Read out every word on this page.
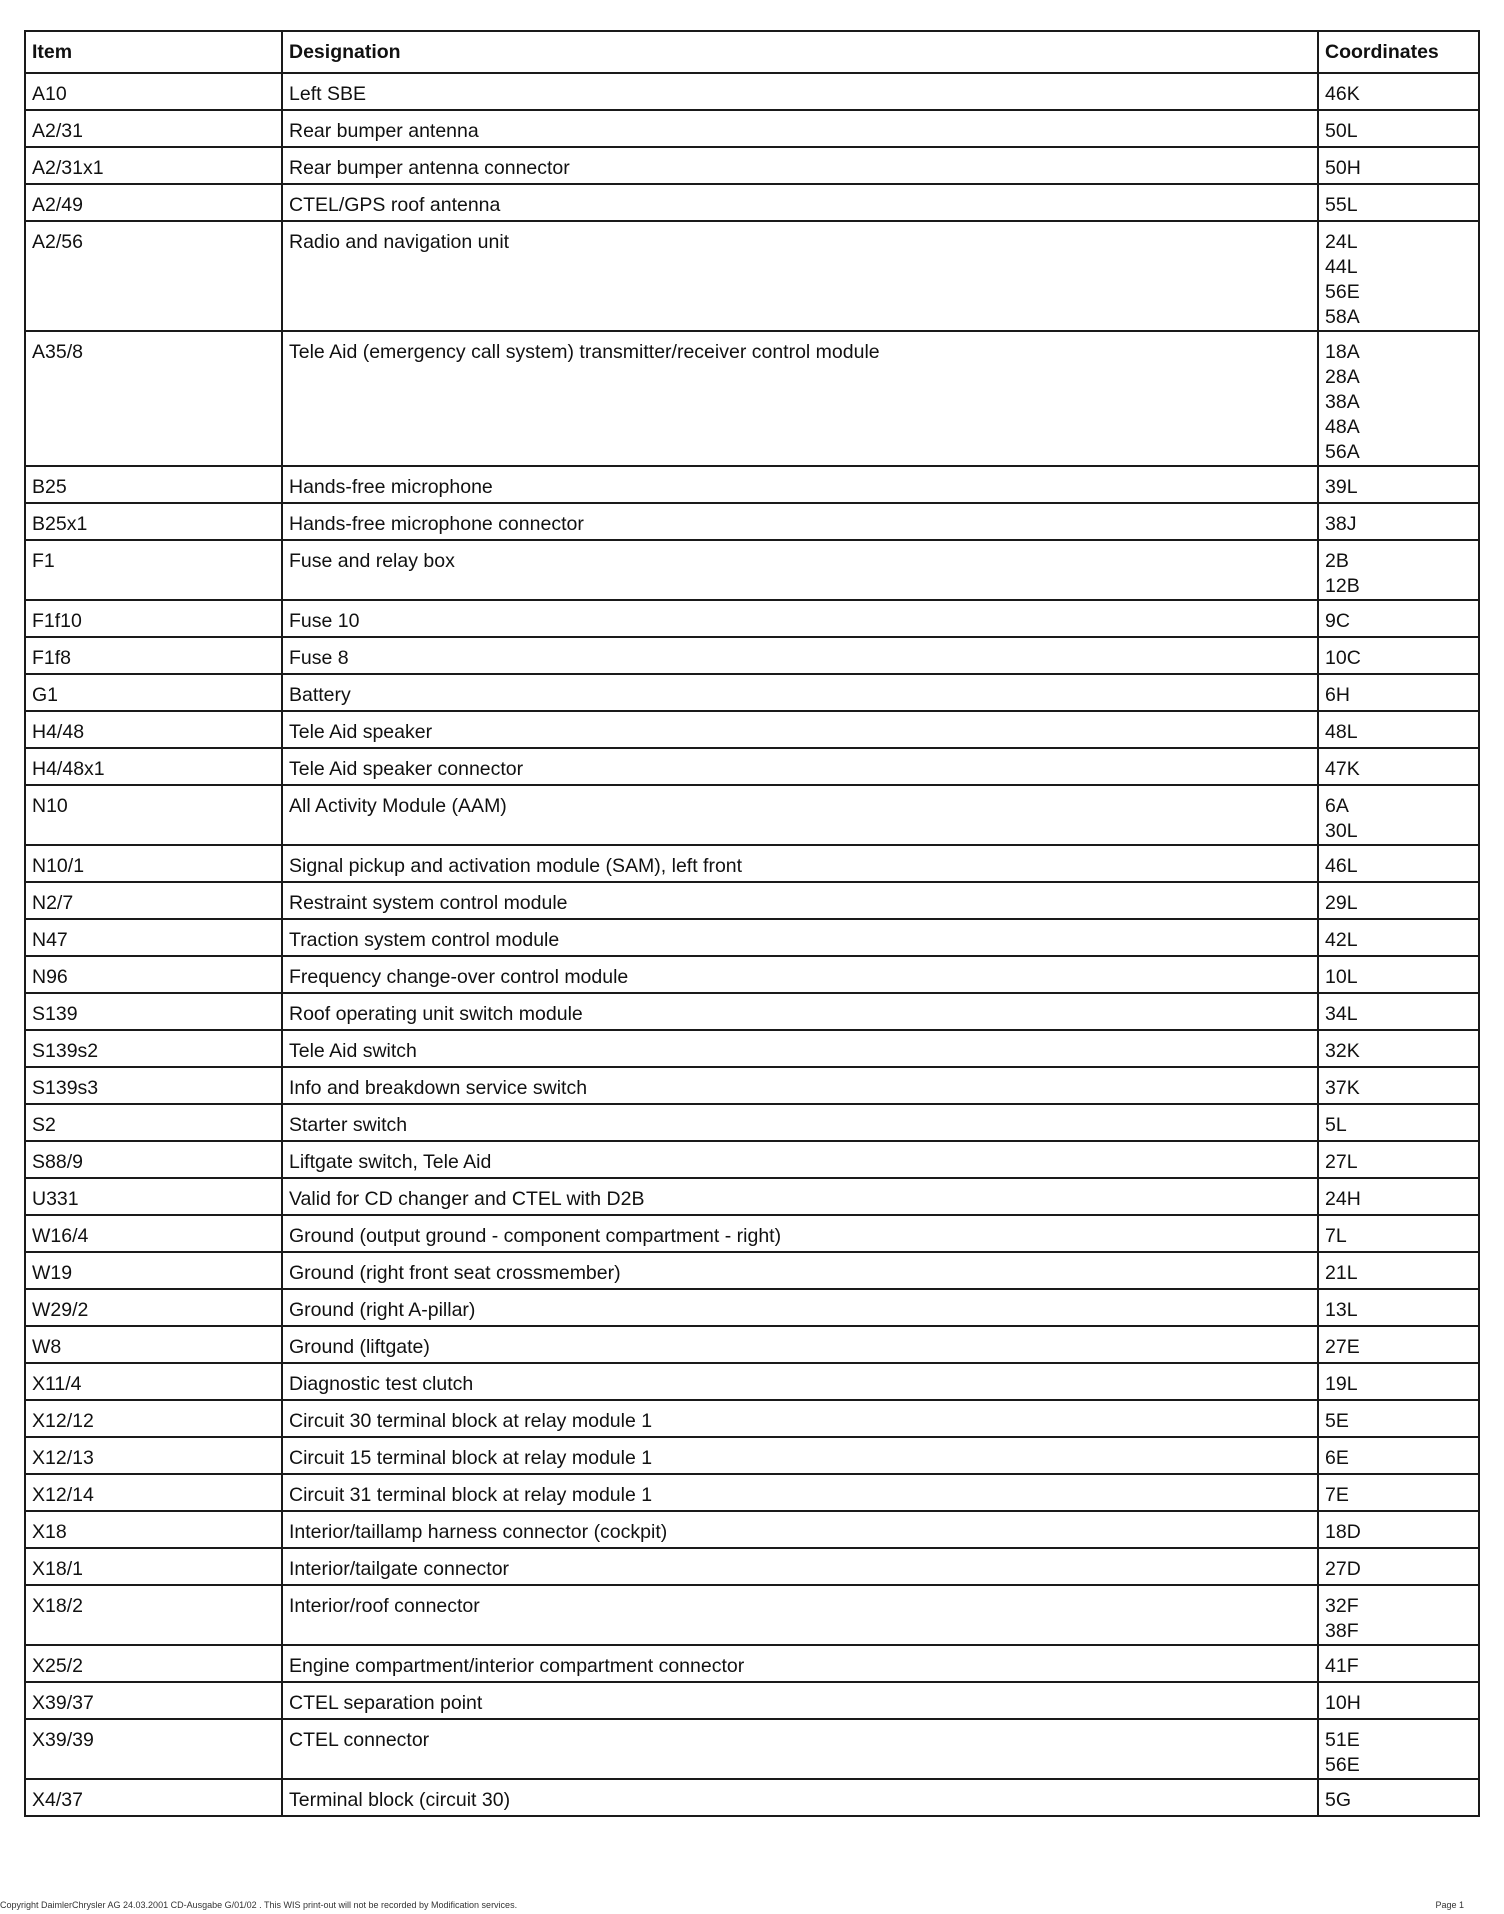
Item	Designation	Coordinates
A10	Left SBE	46K

A2/31	Rear bumper antenna	50L

A2/31x1	Rear bumper antenna connector	50H

A2/49	CTEL/GPS roof antenna	55L

A2/56	Radio and navigation unit	24L
44L
56E
58A

A35/8	Tele Aid (emergency call system) transmitter/receiver control module	18A
28A
38A
48A
56A

B25	Hands-free microphone	39L

B25x1	Hands-free microphone connector	38J

F1	Fuse and relay box	2B
12B

F1f10	Fuse 10	9C

F1f8	Fuse 8	10C

G1	Battery	6H

H4/48	Tele Aid speaker	48L

H4/48x1	Tele Aid speaker connector	47K

N10	All Activity Module (AAM)	6A
30L

N10/1	Signal pickup and activation module (SAM), left front	46L

N2/7	Restraint system control module	29L

N47	Traction system control module	42L

N96	Frequency change-over control module	10L

S139	Roof operating unit switch module	34L

S139s2	Tele Aid switch	32K

S139s3	Info and breakdown service switch	37K

S2	Starter switch	5L

S88/9	Liftgate switch, Tele Aid	27L

U331	Valid for CD changer and CTEL with D2B	24H

W16/4	Ground (output ground - component compartment - right)	7L

W19	Ground (right front seat crossmember)	21L

W29/2	Ground (right A-pillar)	13L

W8	Ground (liftgate)	27E

X11/4	Diagnostic test clutch	19L

X12/12	Circuit 30 terminal block at relay module 1	5E

X12/13	Circuit 15 terminal block at relay module 1	6E

X12/14	Circuit 31 terminal block at relay module 1	7E

X18	Interior/taillamp harness connector (cockpit)	18D

X18/1	Interior/tailgate connector	27D

X18/2	Interior/roof connector	32F
38F

X25/2	Engine compartment/interior compartment connector	41F

X39/37	CTEL separation point	10H

X39/39	CTEL connector	51E
56E

X4/37	Terminal block (circuit 30)	5G
Copyright DaimlerChrysler AG 24.03.2001 CD-Ausgabe G/01/02 . This WIS print-out will not be recorded by Modification services.	Page 1
